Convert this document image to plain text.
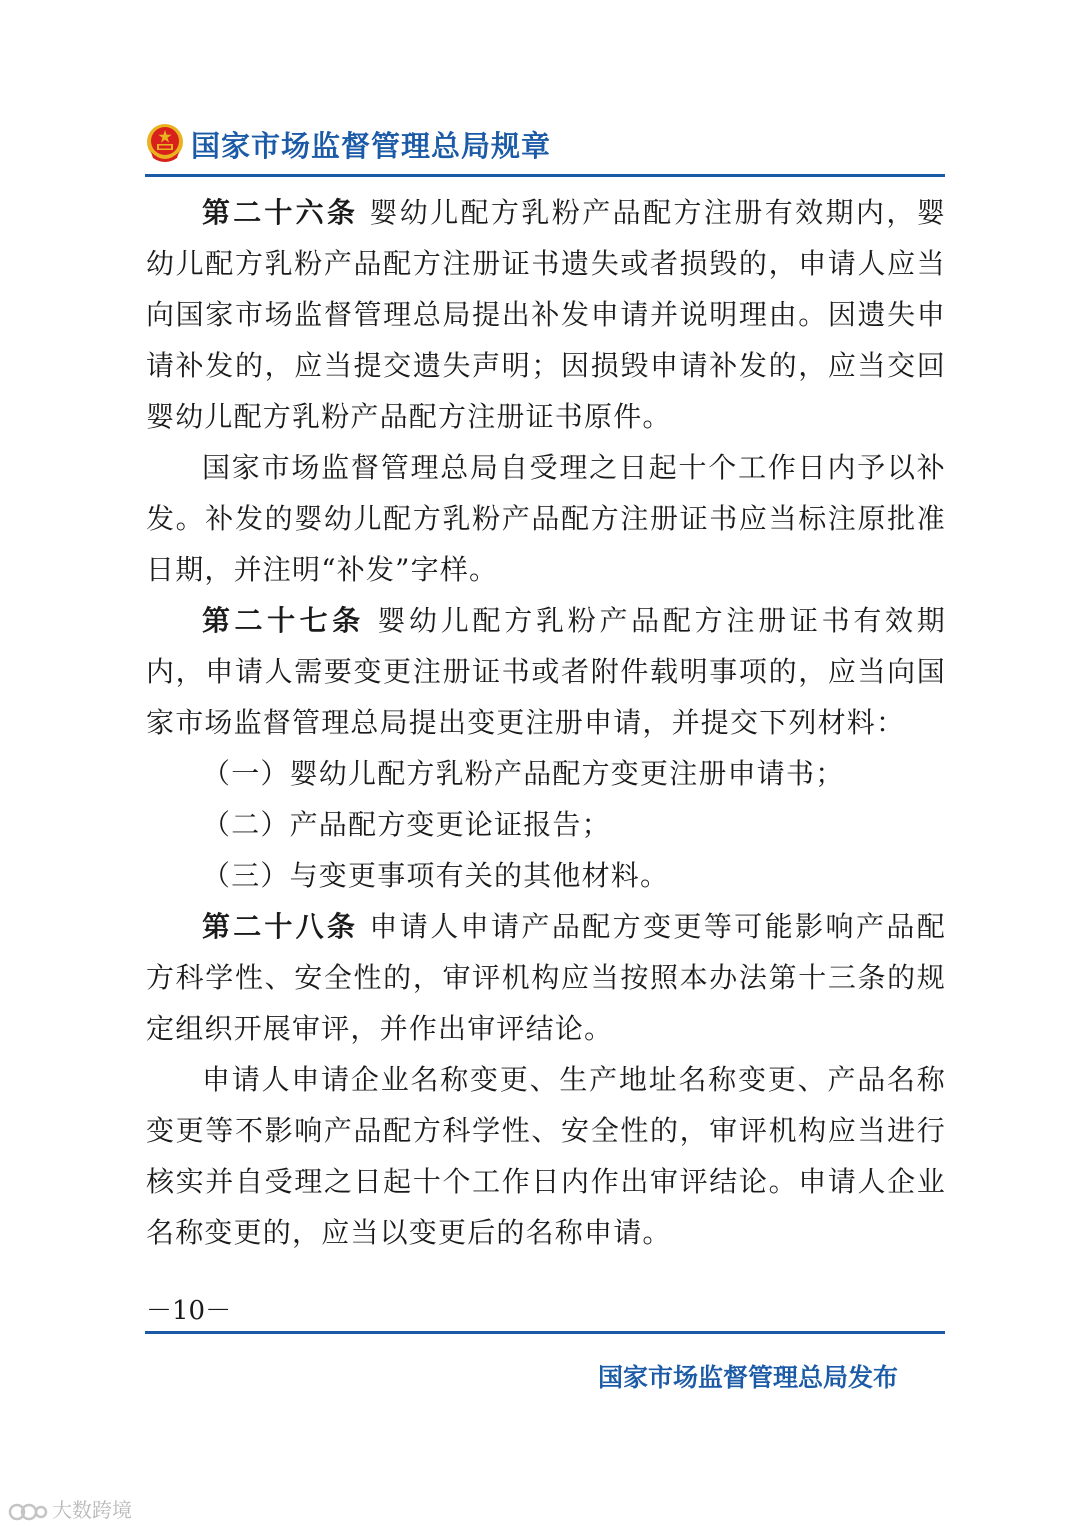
国家市场监督管理总局规章

第二十六条 婴幼儿配方乳粉产品配方注册有效期内，婴幼儿配方乳粉产品配方注册证书遗失或者损毁的，申请人应当向国家市场监督管理总局提出补发申请并说明理由。因遗失申请补发的，应当提交遗失声明；因损毁申请补发的，应当交回婴幼儿配方乳粉产品配方注册证书原件。

国家市场监督管理总局自受理之日起十个工作日内予以补发。补发的婴幼儿配方乳粉产品配方注册证书应当标注原批准日期，并注明“补发”字样。

第二十七条 婴幼儿配方乳粉产品配方注册证书有效期内，申请人需要变更注册证书或者附件载明事项的，应当向国家市场监督管理总局提出变更注册申请，并提交下列材料：

（一）婴幼儿配方乳粉产品配方变更注册申请书；

（二）产品配方变更论证报告；

（三）与变更事项有关的其他材料。

第二十八条 申请人申请产品配方变更等可能影响产品配方科学性、安全性的，审评机构应当按照本办法第十三条的规定组织开展审评，并作出审评结论。

申请人申请企业名称变更、生产地址名称变更、产品名称变更等不影响产品配方科学性、安全性的，审评机构应当进行核实并自受理之日起十个工作日内作出审评结论。申请人企业名称变更的，应当以变更后的名称申请。

－10－
国家市场监督管理总局发布
大数跨境
